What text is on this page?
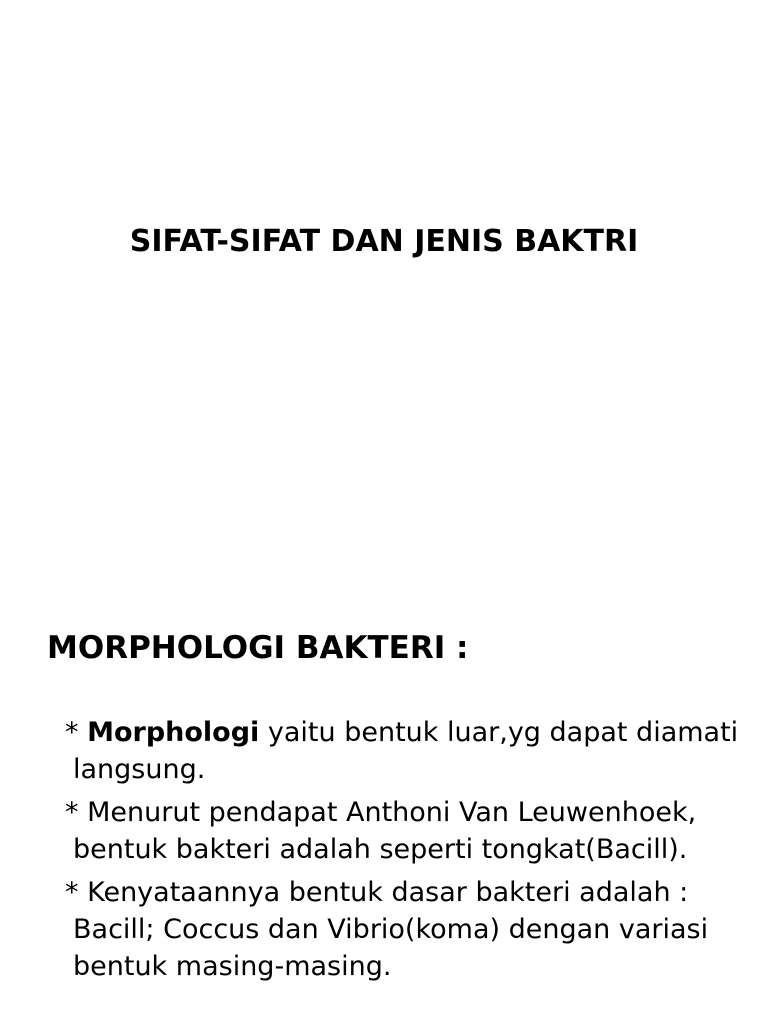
SIFAT-SIFAT DAN JENIS BAKTRI
MORPHOLOGI BAKTERI :
* Morphologi yaitu bentuk luar,yg dapat diamati langsung.
* Menurut pendapat Anthoni Van Leuwenhoek, bentuk bakteri adalah seperti tongkat(Bacill).
* Kenyataannya bentuk dasar bakteri adalah : Bacill; Coccus dan Vibrio(koma) dengan variasi bentuk masing-masing.
